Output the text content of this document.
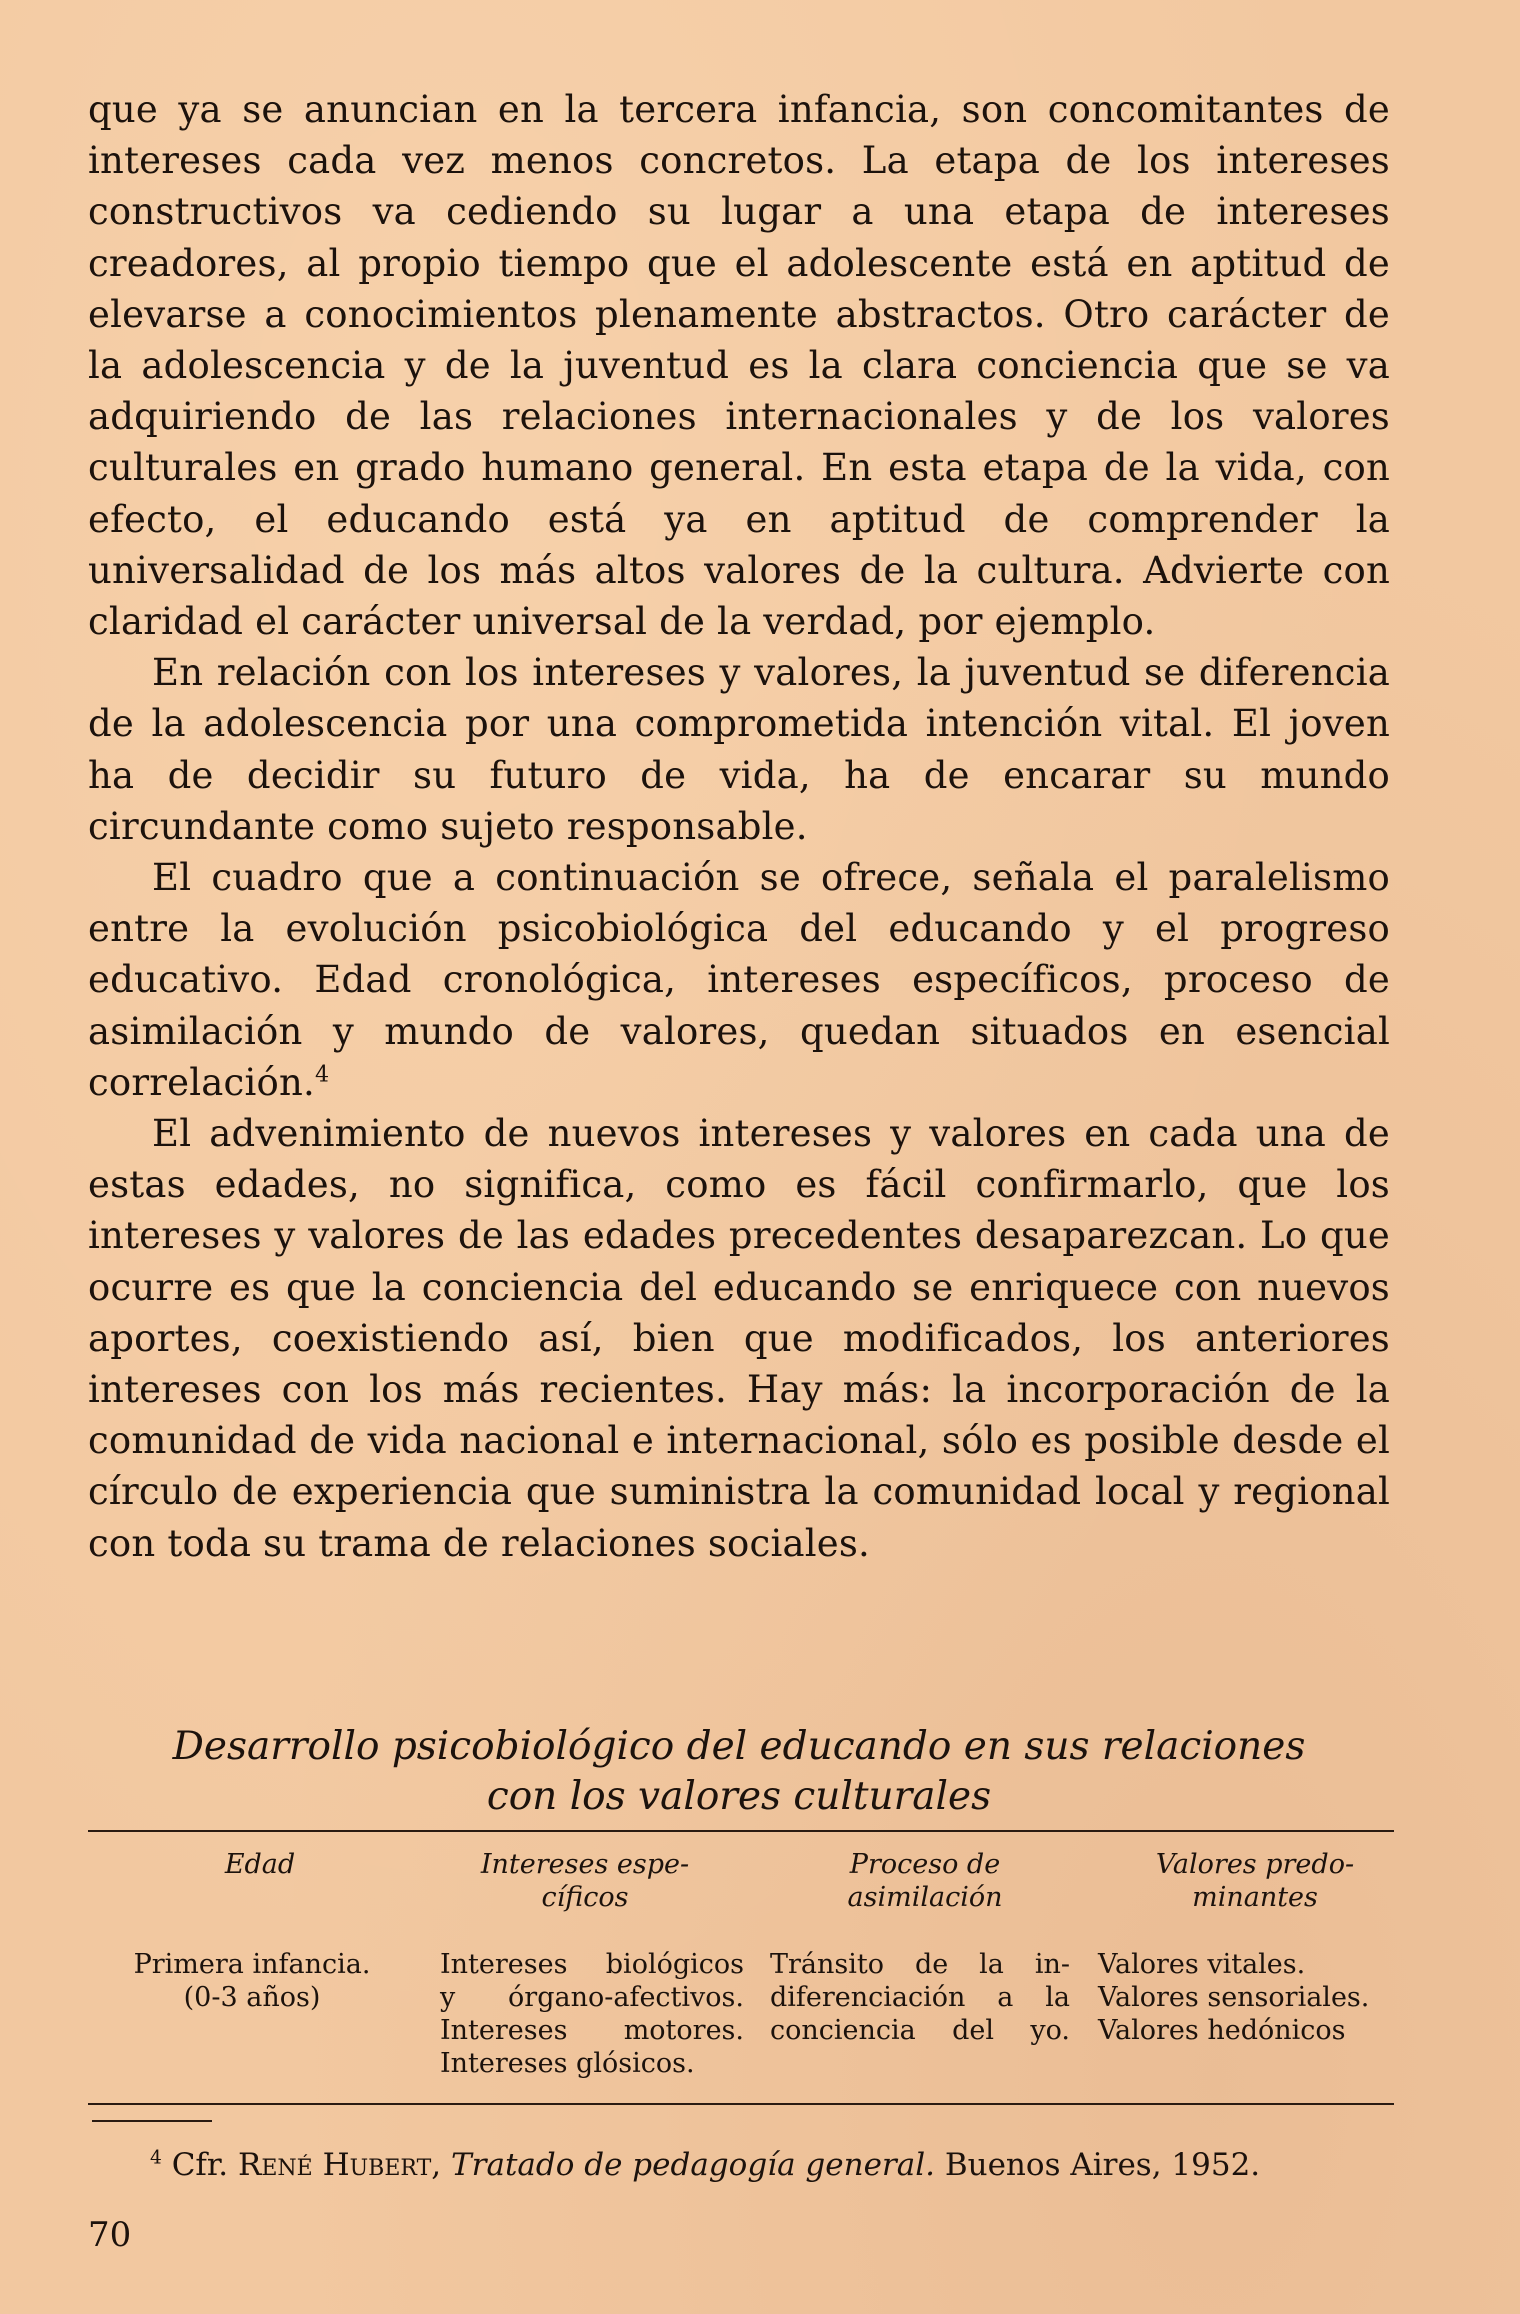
que ya se anuncian en la tercera infancia, son concomitantes de intereses cada vez menos concretos. La etapa de los intereses constructivos va cediendo su lugar a una etapa de intereses creadores, al propio tiempo que el adolescente está en aptitud de elevarse a conocimientos plenamente abstractos. Otro carácter de la adolescencia y de la juventud es la clara conciencia que se va adquiriendo de las relaciones internacionales y de los valores culturales en grado humano general. En esta etapa de la vida, con efecto, el educando está ya en aptitud de comprender la universalidad de los más altos valores de la cultura. Advierte con claridad el carácter universal de la verdad, por ejemplo.

En relación con los intereses y valores, la juventud se diferencia de la adolescencia por una comprometida intención vital. El joven ha de decidir su futuro de vida, ha de encarar su mundo circundante como sujeto responsable.

El cuadro que a continuación se ofrece, señala el paralelismo entre la evolución psicobiológica del educando y el progreso educativo. Edad cronológica, intereses específicos, proceso de asimilación y mundo de valores, quedan situados en esencial correlación.$^4$

El advenimiento de nuevos intereses y valores en cada una de estas edades, no significa, como es fácil confirmarlo, que los intereses y valores de las edades precedentes desaparezcan. Lo que ocurre es que la conciencia del educando se enriquece con nuevos aportes, coexistiendo así, bien que modificados, los anteriores intereses con los más recientes. Hay más: la incorporación de la comunidad de vida nacional e internacional, sólo es posible desde el círculo de experiencia que suministra la comunidad local y regional con toda su trama de relaciones sociales.

Desarrollo psicobiológico del educando en sus relaciones
con los valores culturales
Edad	Intereses espe-
cíficos
Proceso de
asimilación
Valores predo-
minantes
Primera infancia.
(0-3 años)
Intereses biológicos
y órgano-afectivos.
Intereses motores.
Intereses glósicos.
Tránsito de la in-
diferenciación a la
conciencia del yo.
Valores vitales.
Valores sensoriales.
Valores hedónicos
$^4$ Cfr. René Hubert, Tratado de pedagogía general. Buenos Aires, 1952.
70
